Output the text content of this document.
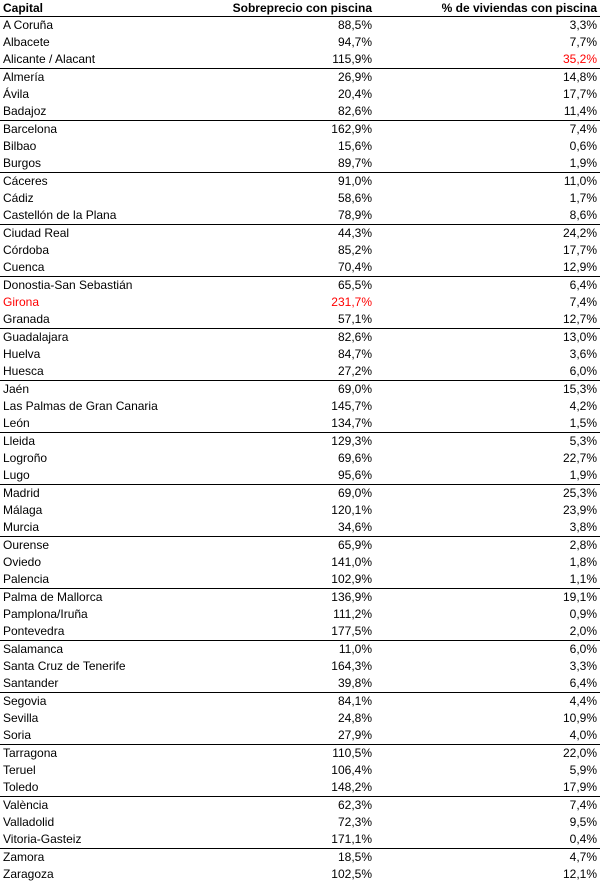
Capital	Sobreprecio con piscina	% de viviendas con piscina
A Coruña	88,5%	3,3%
Albacete	94,7%	7,7%
Alicante / Alacant	115,9%	35,2%
Almería	26,9%	14,8%
Ávila	20,4%	17,7%
Badajoz	82,6%	11,4%
Barcelona	162,9%	7,4%
Bilbao	15,6%	0,6%
Burgos	89,7%	1,9%
Cáceres	91,0%	11,0%
Cádiz	58,6%	1,7%
Castellón de la Plana	78,9%	8,6%
Ciudad Real	44,3%	24,2%
Córdoba	85,2%	17,7%
Cuenca	70,4%	12,9%
Donostia-San Sebastián	65,5%	6,4%
Girona	231,7%	7,4%
Granada	57,1%	12,7%
Guadalajara	82,6%	13,0%
Huelva	84,7%	3,6%
Huesca	27,2%	6,0%
Jaén	69,0%	15,3%
Las Palmas de Gran Canaria	145,7%	4,2%
León	134,7%	1,5%
Lleida	129,3%	5,3%
Logroño	69,6%	22,7%
Lugo	95,6%	1,9%
Madrid	69,0%	25,3%
Málaga	120,1%	23,9%
Murcia	34,6%	3,8%
Ourense	65,9%	2,8%
Oviedo	141,0%	1,8%
Palencia	102,9%	1,1%
Palma de Mallorca	136,9%	19,1%
Pamplona/Iruña	111,2%	0,9%
Pontevedra	177,5%	2,0%
Salamanca	11,0%	6,0%
Santa Cruz de Tenerife	164,3%	3,3%
Santander	39,8%	6,4%
Segovia	84,1%	4,4%
Sevilla	24,8%	10,9%
Soria	27,9%	4,0%
Tarragona	110,5%	22,0%
Teruel	106,4%	5,9%
Toledo	148,2%	17,9%
València	62,3%	7,4%
Valladolid	72,3%	9,5%
Vitoria-Gasteiz	171,1%	0,4%
Zamora	18,5%	4,7%
Zaragoza	102,5%	12,1%
